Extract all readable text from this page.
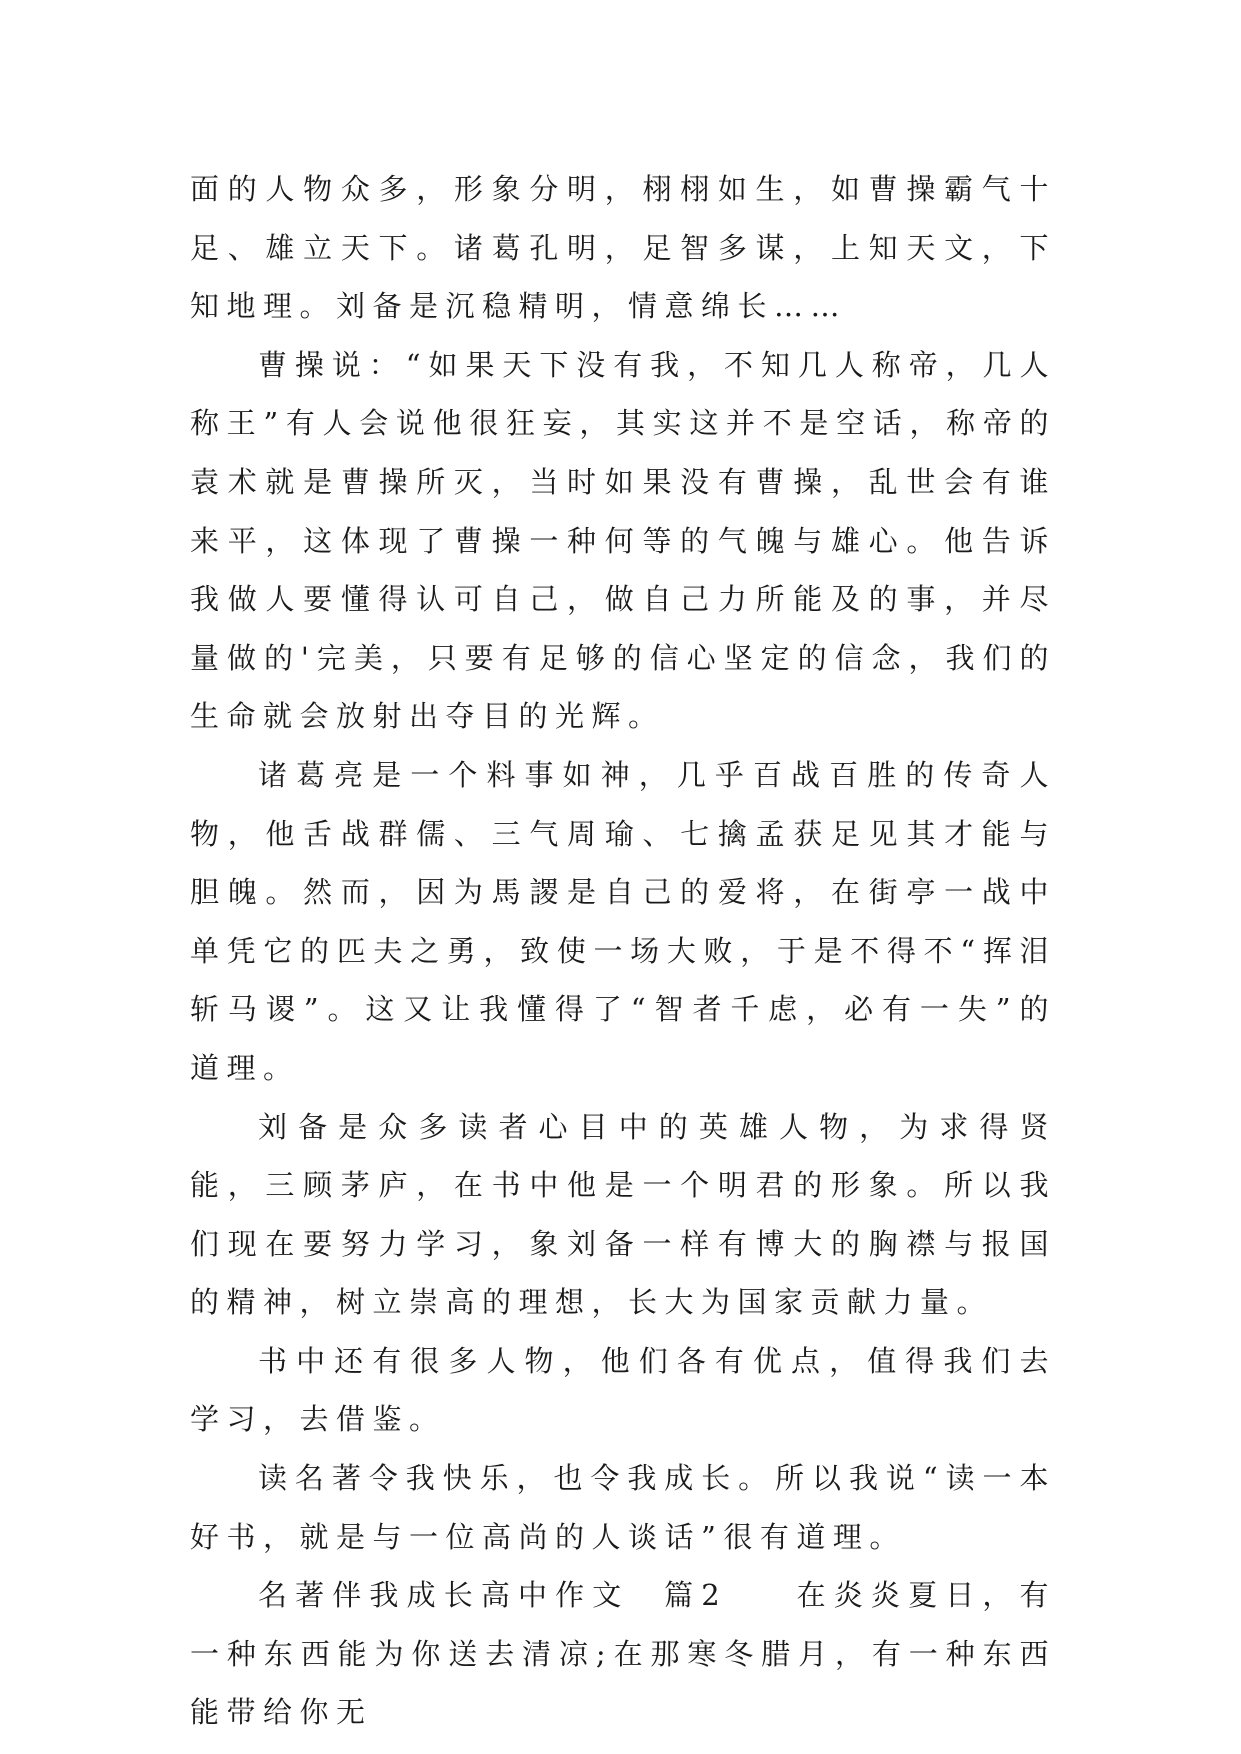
面的人物众多，形象分明，栩栩如生，如曹操霸气十足、雄立天下。诸葛孔明，足智多谋，上知天文，下知地理。刘备是沉稳精明，情意绵长……

曹操说：“如果天下没有我，不知几人称帝，几人称王”有人会说他很狂妄，其实这并不是空话，称帝的袁术就是曹操所灭，当时如果没有曹操，乱世会有谁来平，这体现了曹操一种何等的气魄与雄心。他告诉我做人要懂得认可自己，做自己力所能及的事，并尽量做的'完美，只要有足够的信心坚定的信念，我们的生命就会放射出夺目的光辉。

诸葛亮是一个料事如神，几乎百战百胜的传奇人物，他舌战群儒、三气周瑜、七擒孟获足见其才能与胆魄。然而，因为馬謖是自己的爱将，在街亭一战中单凭它的匹夫之勇，致使一场大败，于是不得不“挥泪斩马谡”。这又让我懂得了“智者千虑，必有一失”的道理。

刘备是众多读者心目中的英雄人物，为求得贤能，三顾茅庐，在书中他是一个明君的形象。所以我们现在要努力学习，象刘备一样有博大的胸襟与报国的精神，树立崇高的理想，长大为国家贡献力量。

书中还有很多人物，他们各有优点，值得我们去学习，去借鉴。

读名著令我快乐，也令我成长。所以我说“读一本好书，就是与一位高尚的人谈话”很有道理。

名著伴我成长高中作文  篇2    在炎炎夏日，有一种东西能为你送去清凉;在那寒冬腊月，有一种东西能带给你无
